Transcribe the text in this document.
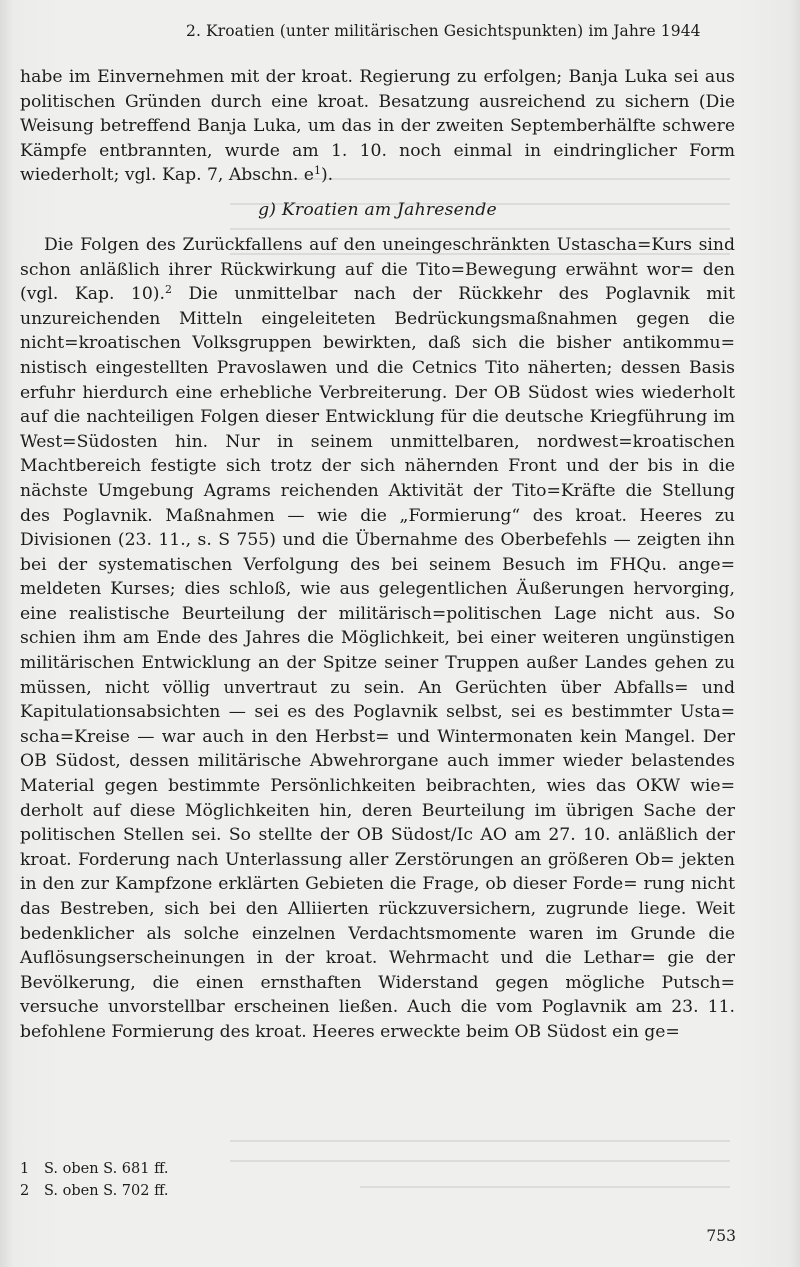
2. Kroatien (unter militärischen Gesichtspunkten) im Jahre 1944

habe im Einvernehmen mit der kroat. Regierung zu erfolgen; Banja Luka sei aus politischen Gründen durch eine kroat. Besatzung ausreichend zu sichern (Die Weisung betreffend Banja Luka, um das in der zweiten Septemberhälfte schwere Kämpfe entbrannten, wurde am 1. 10. noch einmal in eindringlicher Form wiederholt; vgl. Kap. 7, Abschn. $e^1$).

g) Kroatien am Jahresende

Die Folgen des Zurückfallens auf den uneingeschränkten Ustascha=Kurs sind schon anläßlich ihrer Rückwirkung auf die Tito=Bewegung erwähnt wor= den (vgl. Kap. 10).$^2$ Die unmittelbar nach der Rückkehr des Poglavnik mit unzureichenden Mitteln eingeleiteten Bedrückungsmaßnahmen gegen die nicht=kroatischen Volksgruppen bewirkten, daß sich die bisher antikommu= nistisch eingestellten Pravoslawen und die Cetnics Tito näherten; dessen Basis erfuhr hierdurch eine erhebliche Verbreiterung. Der OB Südost wies wiederholt auf die nachteiligen Folgen dieser Entwicklung für die deutsche Kriegführung im West=Südosten hin. Nur in seinem unmittelbaren, nordwest=kroatischen Machtbereich festigte sich trotz der sich nähernden Front und der bis in die nächste Umgebung Agrams reichenden Aktivität der Tito=Kräfte die Stellung des Poglavnik. Maßnahmen — wie die „Formierung“ des kroat. Heeres zu Divisionen (23. 11., s. S 755) und die Übernahme des Oberbefehls — zeigten ihn bei der systematischen Verfolgung des bei seinem Besuch im FHQu. ange= meldeten Kurses; dies schloß, wie aus gelegentlichen Äußerungen hervorging, eine realistische Beurteilung der militärisch=politischen Lage nicht aus. So schien ihm am Ende des Jahres die Möglichkeit, bei einer weiteren ungünstigen militärischen Entwicklung an der Spitze seiner Truppen außer Landes gehen zu müssen, nicht völlig unvertraut zu sein. An Gerüchten über Abfalls= und Kapitulationsabsichten — sei es des Poglavnik selbst, sei es bestimmter Usta= scha=Kreise — war auch in den Herbst= und Wintermonaten kein Mangel. Der OB Südost, dessen militärische Abwehrorgane auch immer wieder belastendes Material gegen bestimmte Persönlichkeiten beibrachten, wies das OKW wie= derholt auf diese Möglichkeiten hin, deren Beurteilung im übrigen Sache der politischen Stellen sei. So stellte der OB Südost/Ic AO am 27. 10. anläßlich der kroat. Forderung nach Unterlassung aller Zerstörungen an größeren Ob= jekten in den zur Kampfzone erklärten Gebieten die Frage, ob dieser Forde= rung nicht das Bestreben, sich bei den Alliierten rückzuversichern, zugrunde liege. Weit bedenklicher als solche einzelnen Verdachtsmomente waren im Grunde die Auflösungserscheinungen in der kroat. Wehrmacht und die Lethar= gie der Bevölkerung, die einen ernsthaften Widerstand gegen mögliche Putsch= versuche unvorstellbar erscheinen ließen. Auch die vom Poglavnik am 23. 11. befohlene Formierung des kroat. Heeres erweckte beim OB Südost ein ge=

1 S. oben S. 681 ff.
2 S. oben S. 702 ff.
753
